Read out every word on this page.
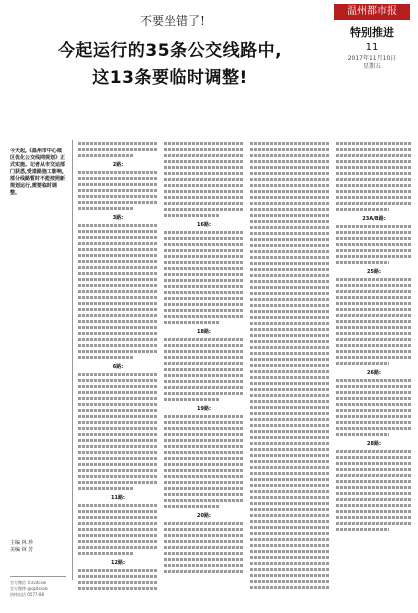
温州都市报
特别推进
11
2017年11月10日
星期五
不要坐错了!
今起运行的35条公交线路中,
这13条要临时调整!
今天起,《温州市中心城区优化公交线网规划》正式实施。记者从市交运部门获悉,受道路施工影响,部分线路暂时不能按照新规划运行,需要临时调整。
2路:
3路:
6路:
11路:
12路:
16路:
18路:
19路:
20路:
23A/B路:
25路:
26路:
28路:
主编 林 珍
美编 林 芳
官方微信 ©zvdcxw
官方微博 @qzdsxvb
热线电话 0577-88
